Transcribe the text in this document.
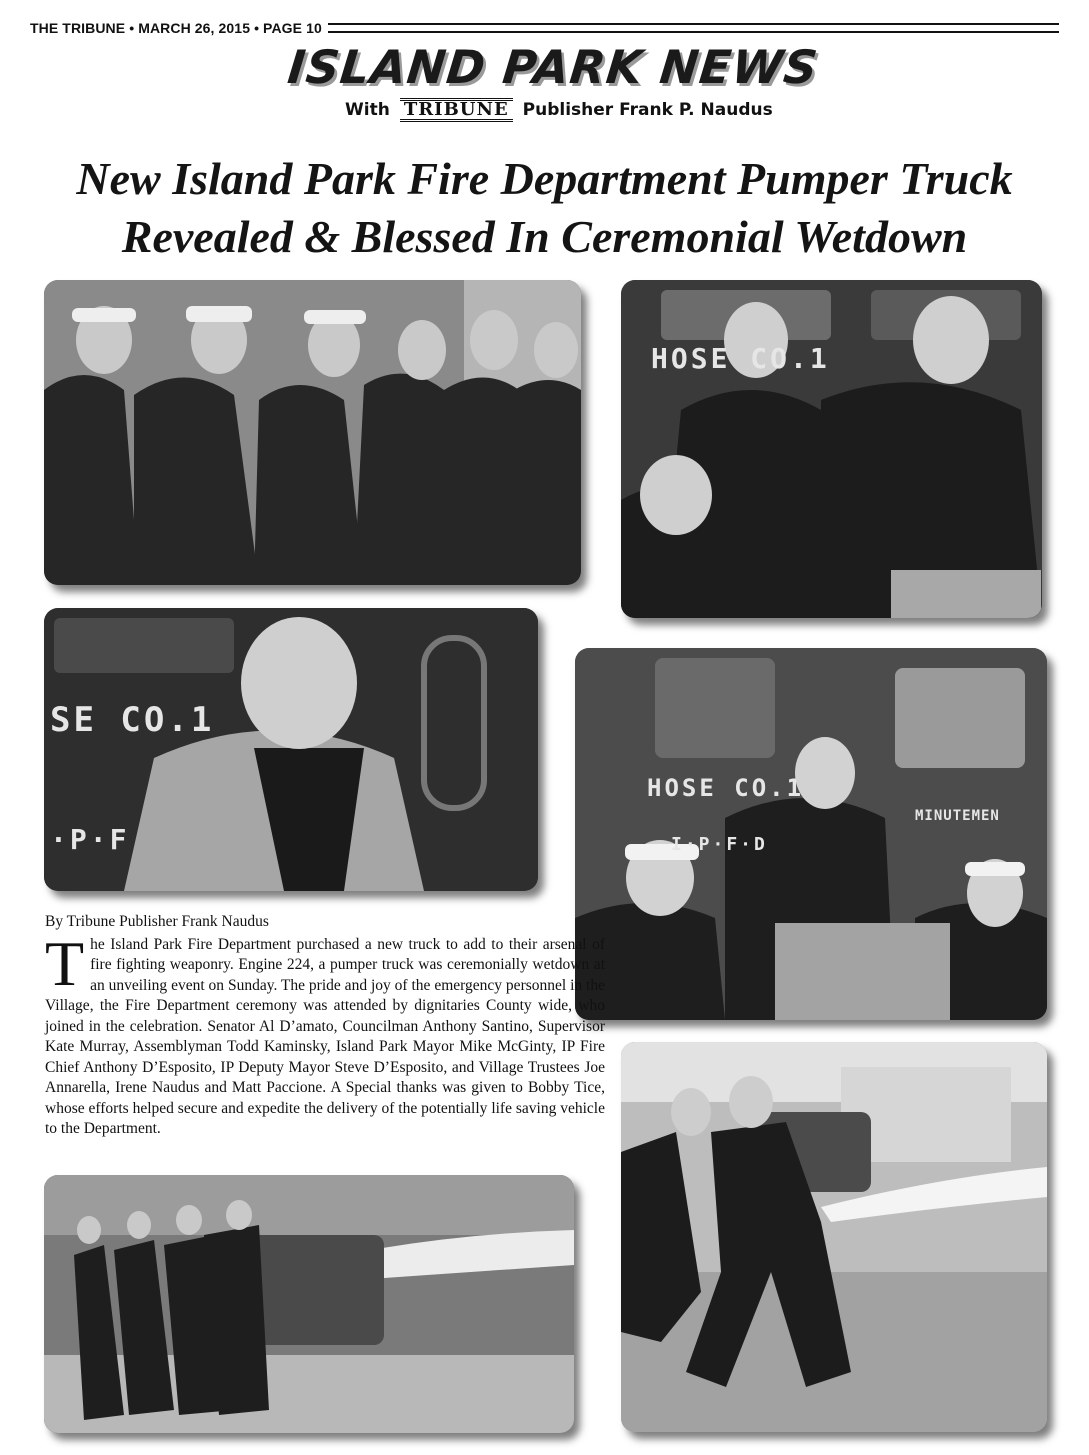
THE TRIBUNE • MARCH 26, 2015 • PAGE 10
ISLAND PARK NEWS
With TRIBUNE Publisher Frank P. Naudus
New Island Park Fire Department Pumper Truck
Revealed & Blessed In Ceremonial Wetdown
HOSE CO.1
SE CO.1
·P·F
HOSE CO.1
MINUTEMEN
I·P·F·D

By Tribune Publisher Frank Naudus

The Island Park Fire Department purchased a new truck to add to their arsenal of fire fighting weaponry. Engine 224, a pumper truck was ceremonially wetdown at an unveiling event on Sunday. The pride and joy of the emergency personnel in the Village, the Fire Department ceremony was attended by dignitaries County wide, who joined in the celebration. Senator Al D’amato, Councilman Anthony Santino, Supervisor Kate Murray, Assemblyman Todd Kaminsky, Island Park Mayor Mike McGinty, IP Fire Chief Anthony D’Esposito, IP Deputy Mayor Steve D’Esposito, and Village Trustees Joe Annarella, Irene Naudus and Matt Paccione. A Special thanks was given to Bobby Tice, whose efforts helped secure and expedite the delivery of the potentially life saving vehicle to the Department.
